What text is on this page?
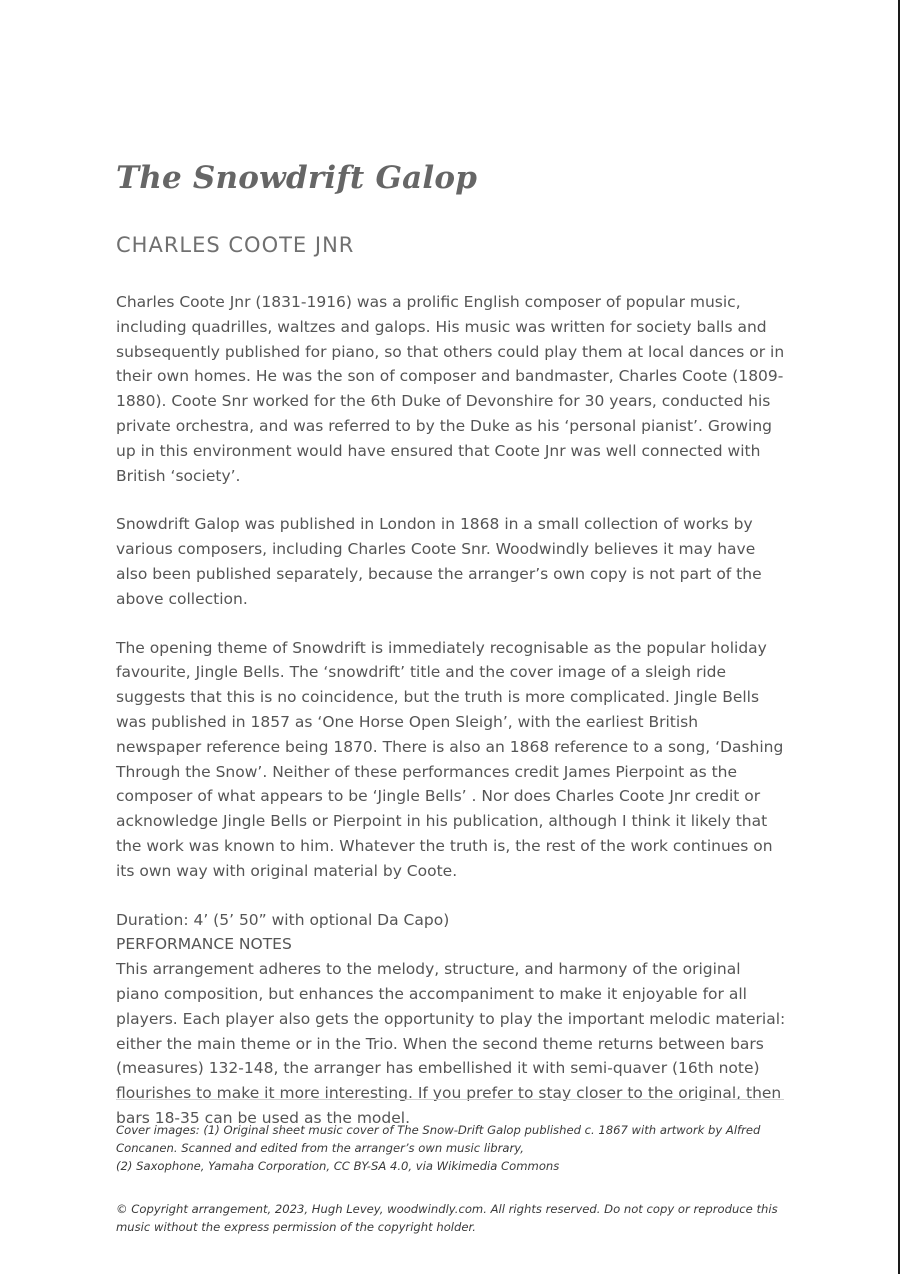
The Snowdrift Galop
CHARLES COOTE JNR

Charles Coote Jnr (1831-1916) was a prolific English composer of popular music, including quadrilles, waltzes and galops. His music was written for society balls and subsequently published for piano, so that others could play them at local dances or in their own homes. He was the son of composer and bandmaster, Charles Coote (1809-1880). Coote Snr worked for the 6th Duke of Devonshire for 30 years, conducted his private orchestra, and was referred to by the Duke as his ‘personal pianist’. Growing up in this environment would have ensured that Coote Jnr was well connected with British ‘society’.

Snowdrift Galop was published in London in 1868 in a small collection of works by various composers, including Charles Coote Snr. Woodwindly believes it may have also been published separately, because the arranger’s own copy is not part of the above collection.

The opening theme of Snowdrift is immediately recognisable as the popular holiday favourite, Jingle Bells. The ‘snowdrift’ title and the cover image of a sleigh ride suggests that this is no coincidence, but the truth is more complicated. Jingle Bells was published in 1857 as ‘One Horse Open Sleigh’, with the earliest British newspaper reference being 1870. There is also an 1868 reference to a song, ‘Dashing Through the Snow’. Neither of these performances credit James Pierpoint as the composer of what appears to be ‘Jingle Bells’ . Nor does Charles Coote Jnr credit or acknowledge Jingle Bells or Pierpoint in his publication, although I think it likely that the work was known to him. Whatever the truth is, the rest of the work continues on its own way with original material by Coote.

Duration: 4’ (5’ 50” with optional Da Capo)

PERFORMANCE NOTES

This arrangement adheres to the melody, structure, and harmony of the original piano composition, but enhances the accompaniment to make it enjoyable for all players. Each player also gets the opportunity to play the important melodic material: either the main theme or in the Trio. When the second theme returns between bars (measures) 132-148, the arranger has embellished it with semi-quaver (16th note) flourishes to make it more interesting. If you prefer to stay closer to the original, then bars 18-35 can be used as the model.

Cover images: (1) Original sheet music cover of The Snow-Drift Galop published c. 1867 with artwork by Alfred Concanen. Scanned and edited from the arranger’s own music library,

(2) Saxophone, Yamaha Corporation, CC BY-SA 4.0, via Wikimedia Commons

© Copyright arrangement, 2023, Hugh Levey, woodwindly.com. All rights reserved. Do not copy or reproduce this music without the express permission of the copyright holder.
